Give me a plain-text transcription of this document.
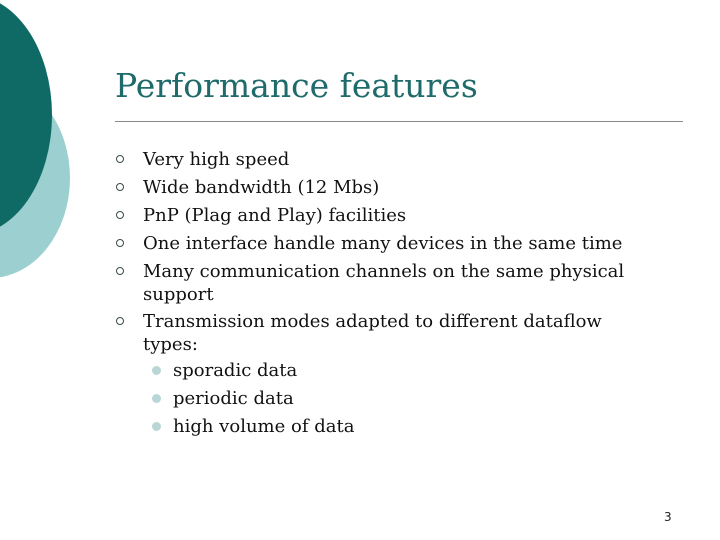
Performance features
Very high speed
Wide bandwidth (12 Mbs)
PnP (Plag and Play) facilities
One interface handle many devices in the same time
Many communication channels on the same physical support
Transmission modes adapted to different dataflow types:
sporadic data
periodic data
high volume of data
3
